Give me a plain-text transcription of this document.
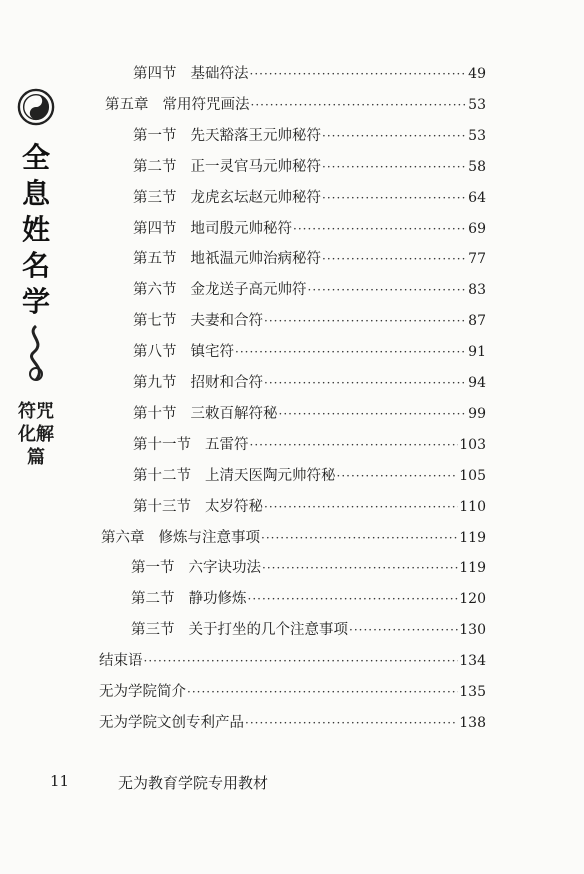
全息姓名学
符咒化解篇
第四节 基础符法 ·····	49
第五章 常用符咒画法 ·····	53
第一节 先天豁落王元帅秘符 ·····	53
第二节 正一灵官马元帅秘符 ·····	58
第三节 龙虎玄坛赵元帅秘符 ·····	64
第四节 地司殷元帅秘符 ·····	69
第五节 地祇温元帅治病秘符 ·····	77
第六节 金龙送子高元帅符 ·····	83
第七节 夫妻和合符 ·····	87
第八节 镇宅符 ·····	91
第九节 招财和合符 ·····	94
第十节 三敕百解符秘 ·····	99
第十一节 五雷符 ·····	103
第十二节 上清天医陶元帅符秘 ·····	105
第十三节 太岁符秘 ·····	110
第六章 修炼与注意事项 ·····	119
第一节 六字诀功法 ·····	119
第二节 静功修炼 ·····	120
第三节 关于打坐的几个注意事项 ·····	130
结束语 ·····	134
无为学院简介 ·····	135
无为学院文创专利产品 ·····	138
11	无为教育学院专用教材
